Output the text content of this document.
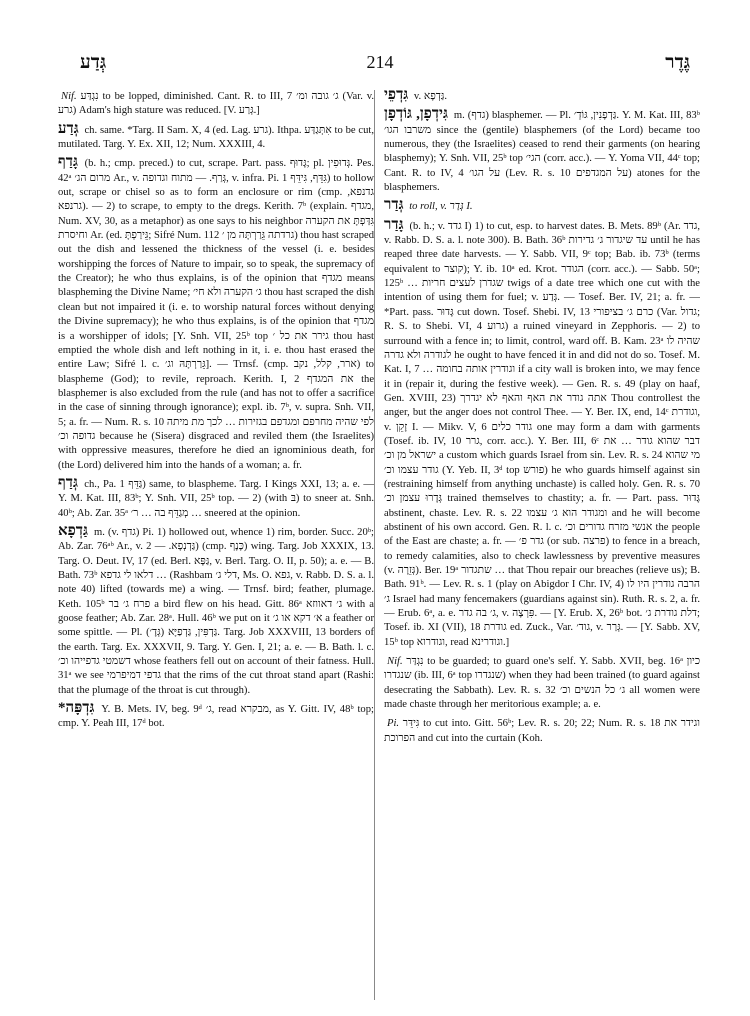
גְּדַע	214	גֶּדֶר

Nif. נִגְדַּע to be lopped, diminished. Cant. R. to III, 7 ג׳ גובה ומ׳ (Var. v. גרע) Adam's high stature was reduced. [V. גְּרַע.]

גְּדַע ch. same. *Targ. II Sam. X, 4 (ed. Lag. גרע). Ithpa. אִתְּגַדַּע to be cut, mutilated. Targ. Y. Ex. XII, 12; Num. XXXIII, 4.

גָּדַף (b. h.; cmp. preced.) to cut, scrape. Part. pass. גָּדוּף; pl. גְּדוּפִין. Pes. 42ᵃ מרום הג׳ Ar., v. גְּרַף. — מתוח וגדופה, v. infra. Pi. גִּדֵּף, גִּידֵּף 1) to hollow out, scrape or chisel so as to form an enclosure or rim (cmp. גדנפא, גרנפא). — 2) to scrape, to empty to the dregs. Kerith. 7ᵇ (explain. מגדף, Num. XV, 30, as a metaphor) as one says to his neighbor גִּדַּפְתָּ את הקערה וחיסרת Ar. (ed. גֵּירַפְתָּ; Sifré Num. 112 גרדתה גֵּרַרְתָּה מן ׳) thou hast scraped out the dish and lessened the thickness of the vessel (i. e. besides worshipping the forces of Nature to impair, so to speak, the supremacy of the Creator); he who thus explains, is of the opinion that מגדף means blaspheming the Divine Name; ג׳ הקערה ולא חי׳ thou hast scraped the dish clean but not impaired it (i. e. to worship natural forces without denying the Divine supremacy); he who thus explains, is of the opinion that מגדף is a worshipper of idols; [Y. Snh. VII, 25ᵇ top גירר את כל ׳ thou hast emptied the whole dish and left nothing in it, i. e. thou hast erased the entire Law; Sifré l. c. גֵּרַרְתָּהּ וג׳]. — Trnsf. (cmp. ארר, קלל, נקב) to blaspheme (God); to revile, reproach. Kerith. I, 2 את המגדף the blasphemer is also excluded from the rule (and has not to offer a sacrifice in the case of sinning through ignorance); expl. ib. 7ᵇ, v. supra. Snh. VII, 5; a. fr. — Num. R. s. 10 לפי שהיה מחרפם ומגדפם בגזירות … לכך מת מיתה גדופה וכ׳ because he (Sisera) disgraced and reviled them (the Israelites) with oppressive measures, therefore he died an ignominious death, for (the Lord) delivered him into the hands of a woman; a. fr.

גְּדַף ch., Pa. גַּדֵּף 1) same, to blaspheme. Targ. I Kings XXI, 13; a. e. — Y. M. Kat. III, 83ᵇ; Y. Snh. VII, 25ᵇ top. — 2) (with בּ) to sneer at. Snh. 40ᵇ; Ab. Zar. 35ᵃ מְגַדֵּף בה … ר׳ … sneered at the opinion.

גַּדְפָא m. (v. גדף) Pi. 1) hollowed out, whence 1) rim, border. Succ. 20ᵇ; Ab. Zar. 76ᵃᵇ Ar., v. גַּדְנְפָא. — 2) (cmp. כָּנָף) wing. Targ. Job XXXIX, 13. Targ. O. Deut. IV, 17 (ed. Berl. גַּפָּא, v. Berl. Targ. O. II, p. 50); a. e. — B. Bath. 73ᵇ דלאו לי גדפא … (Rashbam דלי ג׳, Ms. O. גפא, v. Rabb. D. S. a. l. note 40) lifted (towards me) a wing. — Trnsf. bird; feather, plumage. Keth. 105ᵇ פרח ג׳ בר a bird flew on his head. Gitt. 86ᵃ ג׳ דאווזא with a goose feather; Ab. Zar. 28ᵃ. Hull. 46ᵇ we put on it א׳ דקא או ג׳ a feather or some spittle. — Pl. גַּדְפִּין, גַּדְפַיָּא (גְּדָ׳). Targ. Job XXXVIII, 13 borders of the earth. Targ. Ex. XXXVII, 9. Targ. Y. Gen. I, 21; a. e. — B. Bath. l. c. דשמטי גדפייהו וכ׳ whose feathers fell out on account of their fatness. Hull. 31ᵃ we see גדפי דמיפרמי that the rims of the cut throat stand apart (Rashi: that the plumage of the throat is cut through).

*גִּדְפָּה Y. B. Mets. IV, beg. 9ᵈ ג׳, read מבקרא, as Y. Gitt. IV, 48ᵇ top; cmp. Y. Peah III, 17ᵈ bot.

גִּדְפֵי v. גַּדְפָא.

גִּידְפָן, גּוֹדְפָן m. (גדף) blasphemer. — Pl. גַּדְפָנִין, גּוֹדְ׳. Y. M. Kat. III, 83ᵇ משרבו הגו׳ since the (gentile) blasphemers (of the Lord) became too numerous, they (the Israelites) ceased to rend their garments (on hearing blasphemy); Y. Snh. VII, 25ᵇ top הגי׳ (corr. acc.). — Y. Yoma VII, 44ᶜ top; Cant. R. to IV, 4 על הגו׳ (Lev. R. s. 10 על המגדפים) atones for the blasphemers.

גְּדַר to roll, v. גְּדַר I.

גָּדַר (b. h.; v. גדד I) 1) to cut, esp. to harvest dates. B. Mets. 89ᵇ (Ar. גדד, v. Rabb. D. S. a. l. note 300). B. Bath. 36ᵇ עד שיגדור ג׳ גדירות until he has reaped three date harvests. — Y. Sabb. VII, 9ᶜ top; Bab. ib. 73ᵇ (terms equivalent to קוצר); Y. ib. 10ᵃ ed. Krot. הגודר (corr. acc.). — Sabb. 50ᵃ; 125ᵇ … שגדרן לעצים חריות twigs of a date tree which one cut with the intention of using them for fuel; v. גְּדַע. — Tosef. Ber. IV, 21; a. fr. — *Part. pass. גָּדוּר cut down. Tosef. Shebi. IV, 13 כרם ג׳ בציפורי (Var. גדול; R. S. to Shebi. VI, 4 גרוע) a ruined vineyard in Zepphoris. — 2) to surround with a fence in; to limit, control, ward off. B. Kam. 23ᵃ שהיה לו לגודרה ולא גדרה he ought to have fenced it in and did not do so. Tosef. M. Kat. I, 7 … וגודרין אותה בחומה if a city wall is broken into, we may fence it in (repair it, during the festive week). — Gen. R. s. 49 (play on haaf, Gen. XVIII, 23) אתה גודר את האף והאף לא יגדרך Thou controllest the anger, but the anger does not control Thee. — Y. Ber. IX, end, 14ᶜ וגודרת, v. זָקֵן I. — Mikv. V, 6 גודר כלים one may form a dam with garments (Tosef. ib. IV, 10 גרר, corr. acc.). Y. Ber. III, 6ᶜ דבר שהוא גודר … את ישראל מן וכ׳ a custom which guards Israel from sin. Lev. R. s. 24 מי שהוא גודר עצמו וכ׳ (Y. Yeb. II, 3ᵈ top פורש) he who guards himself against sin (restraining himself from anything unchaste) is called holy. Gen. R. s. 70 גְּדָרוּ עצמן וכ׳ trained themselves to chastity; a. fr. — Part. pass. גָּדוּר abstinent, chaste. Lev. R. s. 22 ומגודר הוא ג׳ עצמו and he will become abstinent of his own accord. Gen. R. l. c. אנשי מזרח גדורים וכ׳ the people of the East are chaste; a. fr. — גדר פ׳ (or sub. פרצה) to fence in a breach, to remedy calamities, also to check lawlessness by preventive measures (v. גְּזֵרָה). Ber. 19ᵃ שתגדור … that Thou repair our breaches (relieve us); B. Bath. 91ᵇ. — Lev. R. s. 1 (play on Abigdor I Chr. IV, 4) הרבה גודרין היו לו ג׳ Israel had many fencemakers (guardians against sin). Ruth. R. s. 2, a. fr. — Erub. 6ᵃ, a. e. ג׳ בה גדר, v. פִּרְצָה. — [Y. Erub. X, 26ᵇ bot. דלת גודרת ג׳; Tosef. ib. XI (VII), 18 גודרת ed. Zuck., Var. גוד׳, v. גְּרַר. — [Y. Sabb. XV, 15ᵇ top וגודרוא, read וגודרינא.]

Nif. נִגְדַּר to be guarded; to guard one's self. Y. Sabb. XVII, beg. 16ᵃ כיון שנגדרו (ib. III, 6ᵃ top שנגדרו) when they had been trained (to guard against desecrating the Sabbath). Lev. R. s. 32 ג׳ כל הנשים וכ׳ all women were made chaste through her meritorious example; a. e.

Pi. גִּידֵּר to cut into. Gitt. 56ᵇ; Lev. R. s. 20; 22; Num. R. s. 18 וגידר את הפרוכת and cut into the curtain (Koh.
